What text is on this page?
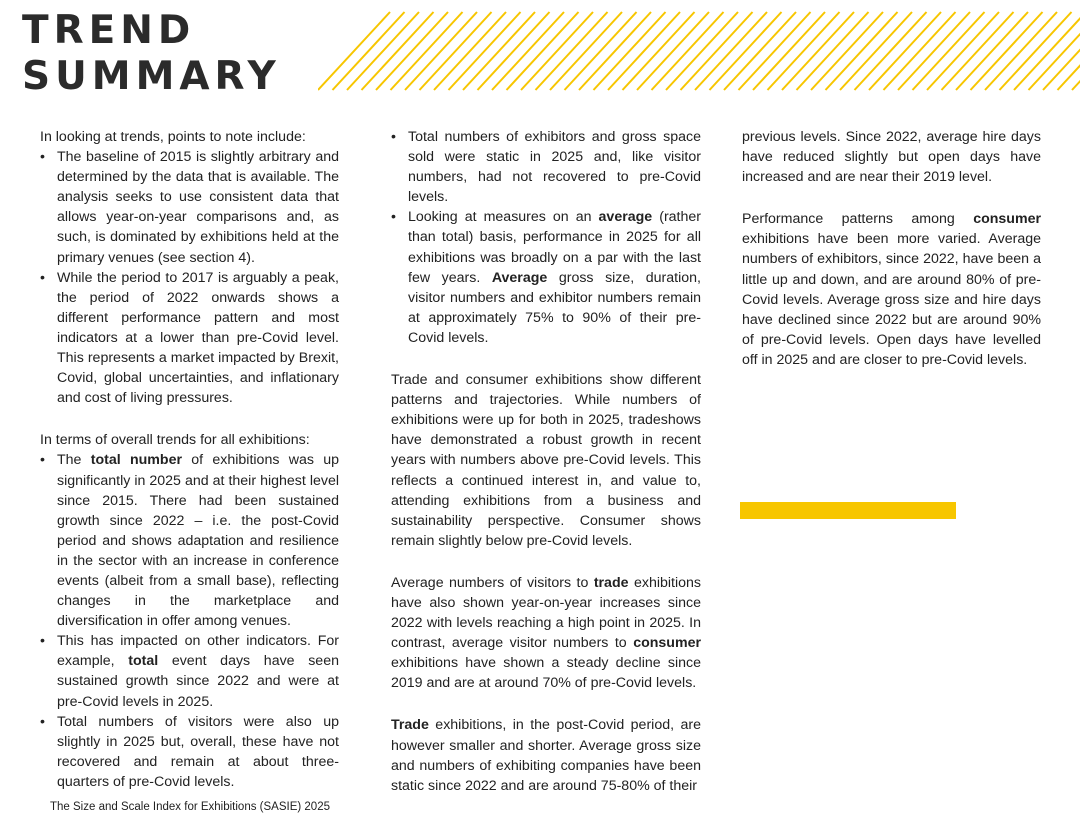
TREND
SUMMARY

In looking at trends, points to note include:

• The baseline of 2015 is slightly arbitrary and determined by the data that is available. The analysis seeks to use consistent data that allows year-on-year comparisons and, as such, is dominated by exhibitions held at the primary venues (see section 4).
• While the period to 2017 is arguably a peak, the period of 2022 onwards shows a different performance pattern and most indicators at a lower than pre-Covid level. This represents a market impacted by Brexit, Covid, global uncertainties, and inflationary and cost of living pressures.

In terms of overall trends for all exhibitions:

• The total number of exhibitions was up significantly in 2025 and at their highest level since 2015. There had been sustained growth since 2022 – i.e. the post-Covid period and shows adaptation and resilience in the sector with an increase in conference events (albeit from a small base), reflecting changes in the marketplace and diversification in offer among venues.
• This has impacted on other indicators. For example, total event days have seen sustained growth since 2022 and were at pre-Covid levels in 2025.
• Total numbers of visitors were also up slightly in 2025 but, overall, these have not recovered and remain at about three-quarters of pre-Covid levels.
• Total numbers of exhibitors and gross space sold were static in 2025 and, like visitor numbers, had not recovered to pre-Covid levels.
• Looking at measures on an average (rather than total) basis, performance in 2025 for all exhibitions was broadly on a par with the last few years. Average gross size, duration, visitor numbers and exhibitor numbers remain at approximately 75% to 90% of their pre-Covid levels.

Trade and consumer exhibitions show different patterns and trajectories. While numbers of exhibitions were up for both in 2025, tradeshows have demonstrated a robust growth in recent years with numbers above pre-Covid levels. This reflects a continued interest in, and value to, attending exhibitions from a business and sustainability perspective. Consumer shows remain slightly below pre-Covid levels.

Average numbers of visitors to trade exhibitions have also shown year-on-year increases since 2022 with levels reaching a high point in 2025. In contrast, average visitor numbers to consumer exhibitions have shown a steady decline since 2019 and are at around 70% of pre-Covid levels.

Trade exhibitions, in the post-Covid period, are however smaller and shorter. Average gross size and numbers of exhibiting companies have been static since 2022 and are around 75-80% of their

previous levels. Since 2022, average hire days have reduced slightly but open days have increased and are near their 2019 level.

Performance patterns among consumer exhibitions have been more varied. Average numbers of exhibitors, since 2022, have been a little up and down, and are around 80% of pre-Covid levels. Average gross size and hire days have declined since 2022 but are around 90% of pre-Covid levels. Open days have levelled off in 2025 and are closer to pre-Covid levels.

The Size and Scale Index for Exhibitions (SASIE) 2025
